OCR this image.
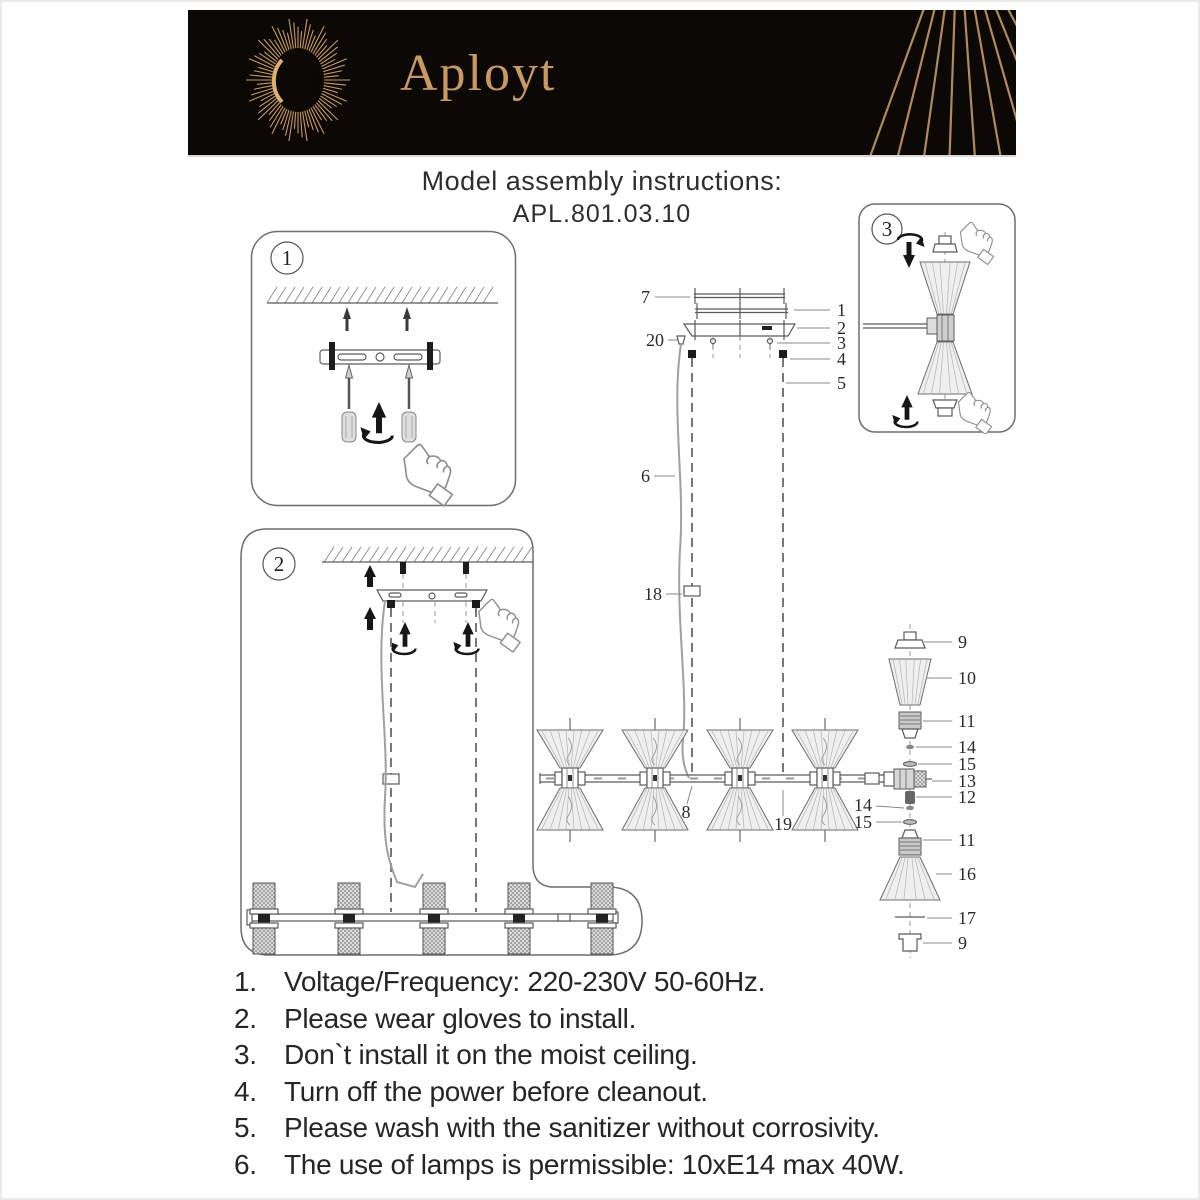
Aployt
Model assembly instructions:
APL.801.03.10
1
2
3
7
20
1
2
3
4
5
6
18
8
19
9
10
11
14
15
13
12
14
15
11
16
17
9
1. Voltage/Frequency: 220-230V 50-60Hz.
2. Please wear gloves to install.
3. Don`t install it on the moist ceiling.
4. Turn off the power before cleanout.
5. Please wash with the sanitizer without corrosivity.
6. The use of lamps is permissible: 10xE14 max 40W.
